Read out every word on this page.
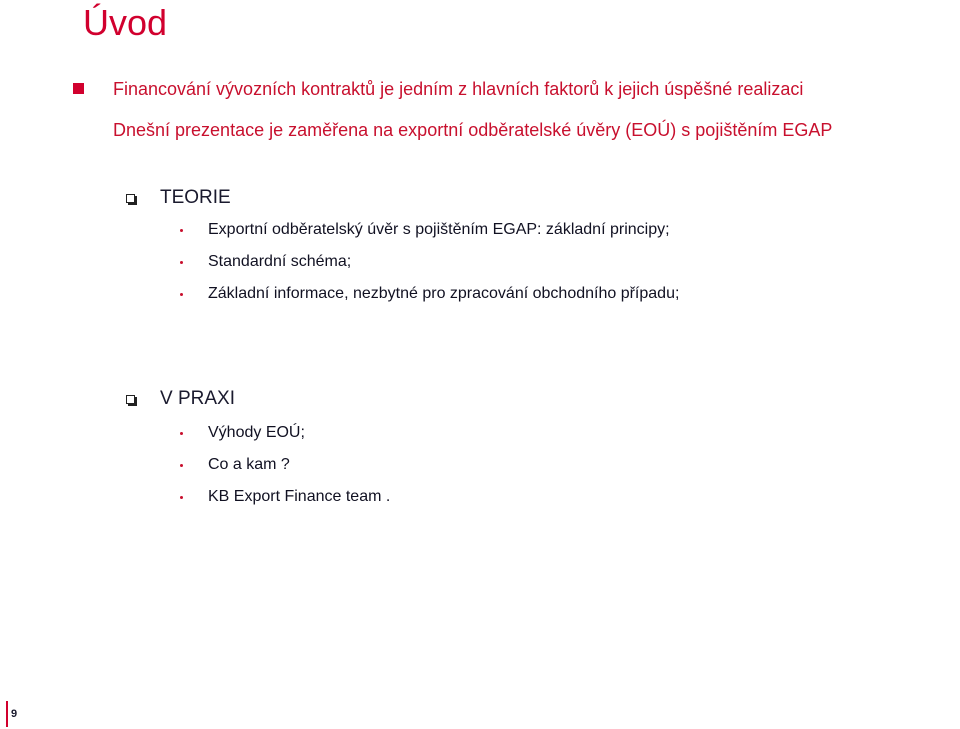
Úvod
Financování vývozních kontraktů je jedním z hlavních faktorů k jejich úspěšné realizaci
Dnešní prezentace je zaměřena na exportní odběratelské úvěry (EOÚ) s pojištěním EGAP
TEORIE
Exportní odběratelský úvěr s pojištěním EGAP: základní principy;
Standardní schéma;
Základní informace, nezbytné pro zpracování obchodního případu;
V PRAXI
Výhody EOÚ;
Co a kam ?
KB Export Finance team .
9
